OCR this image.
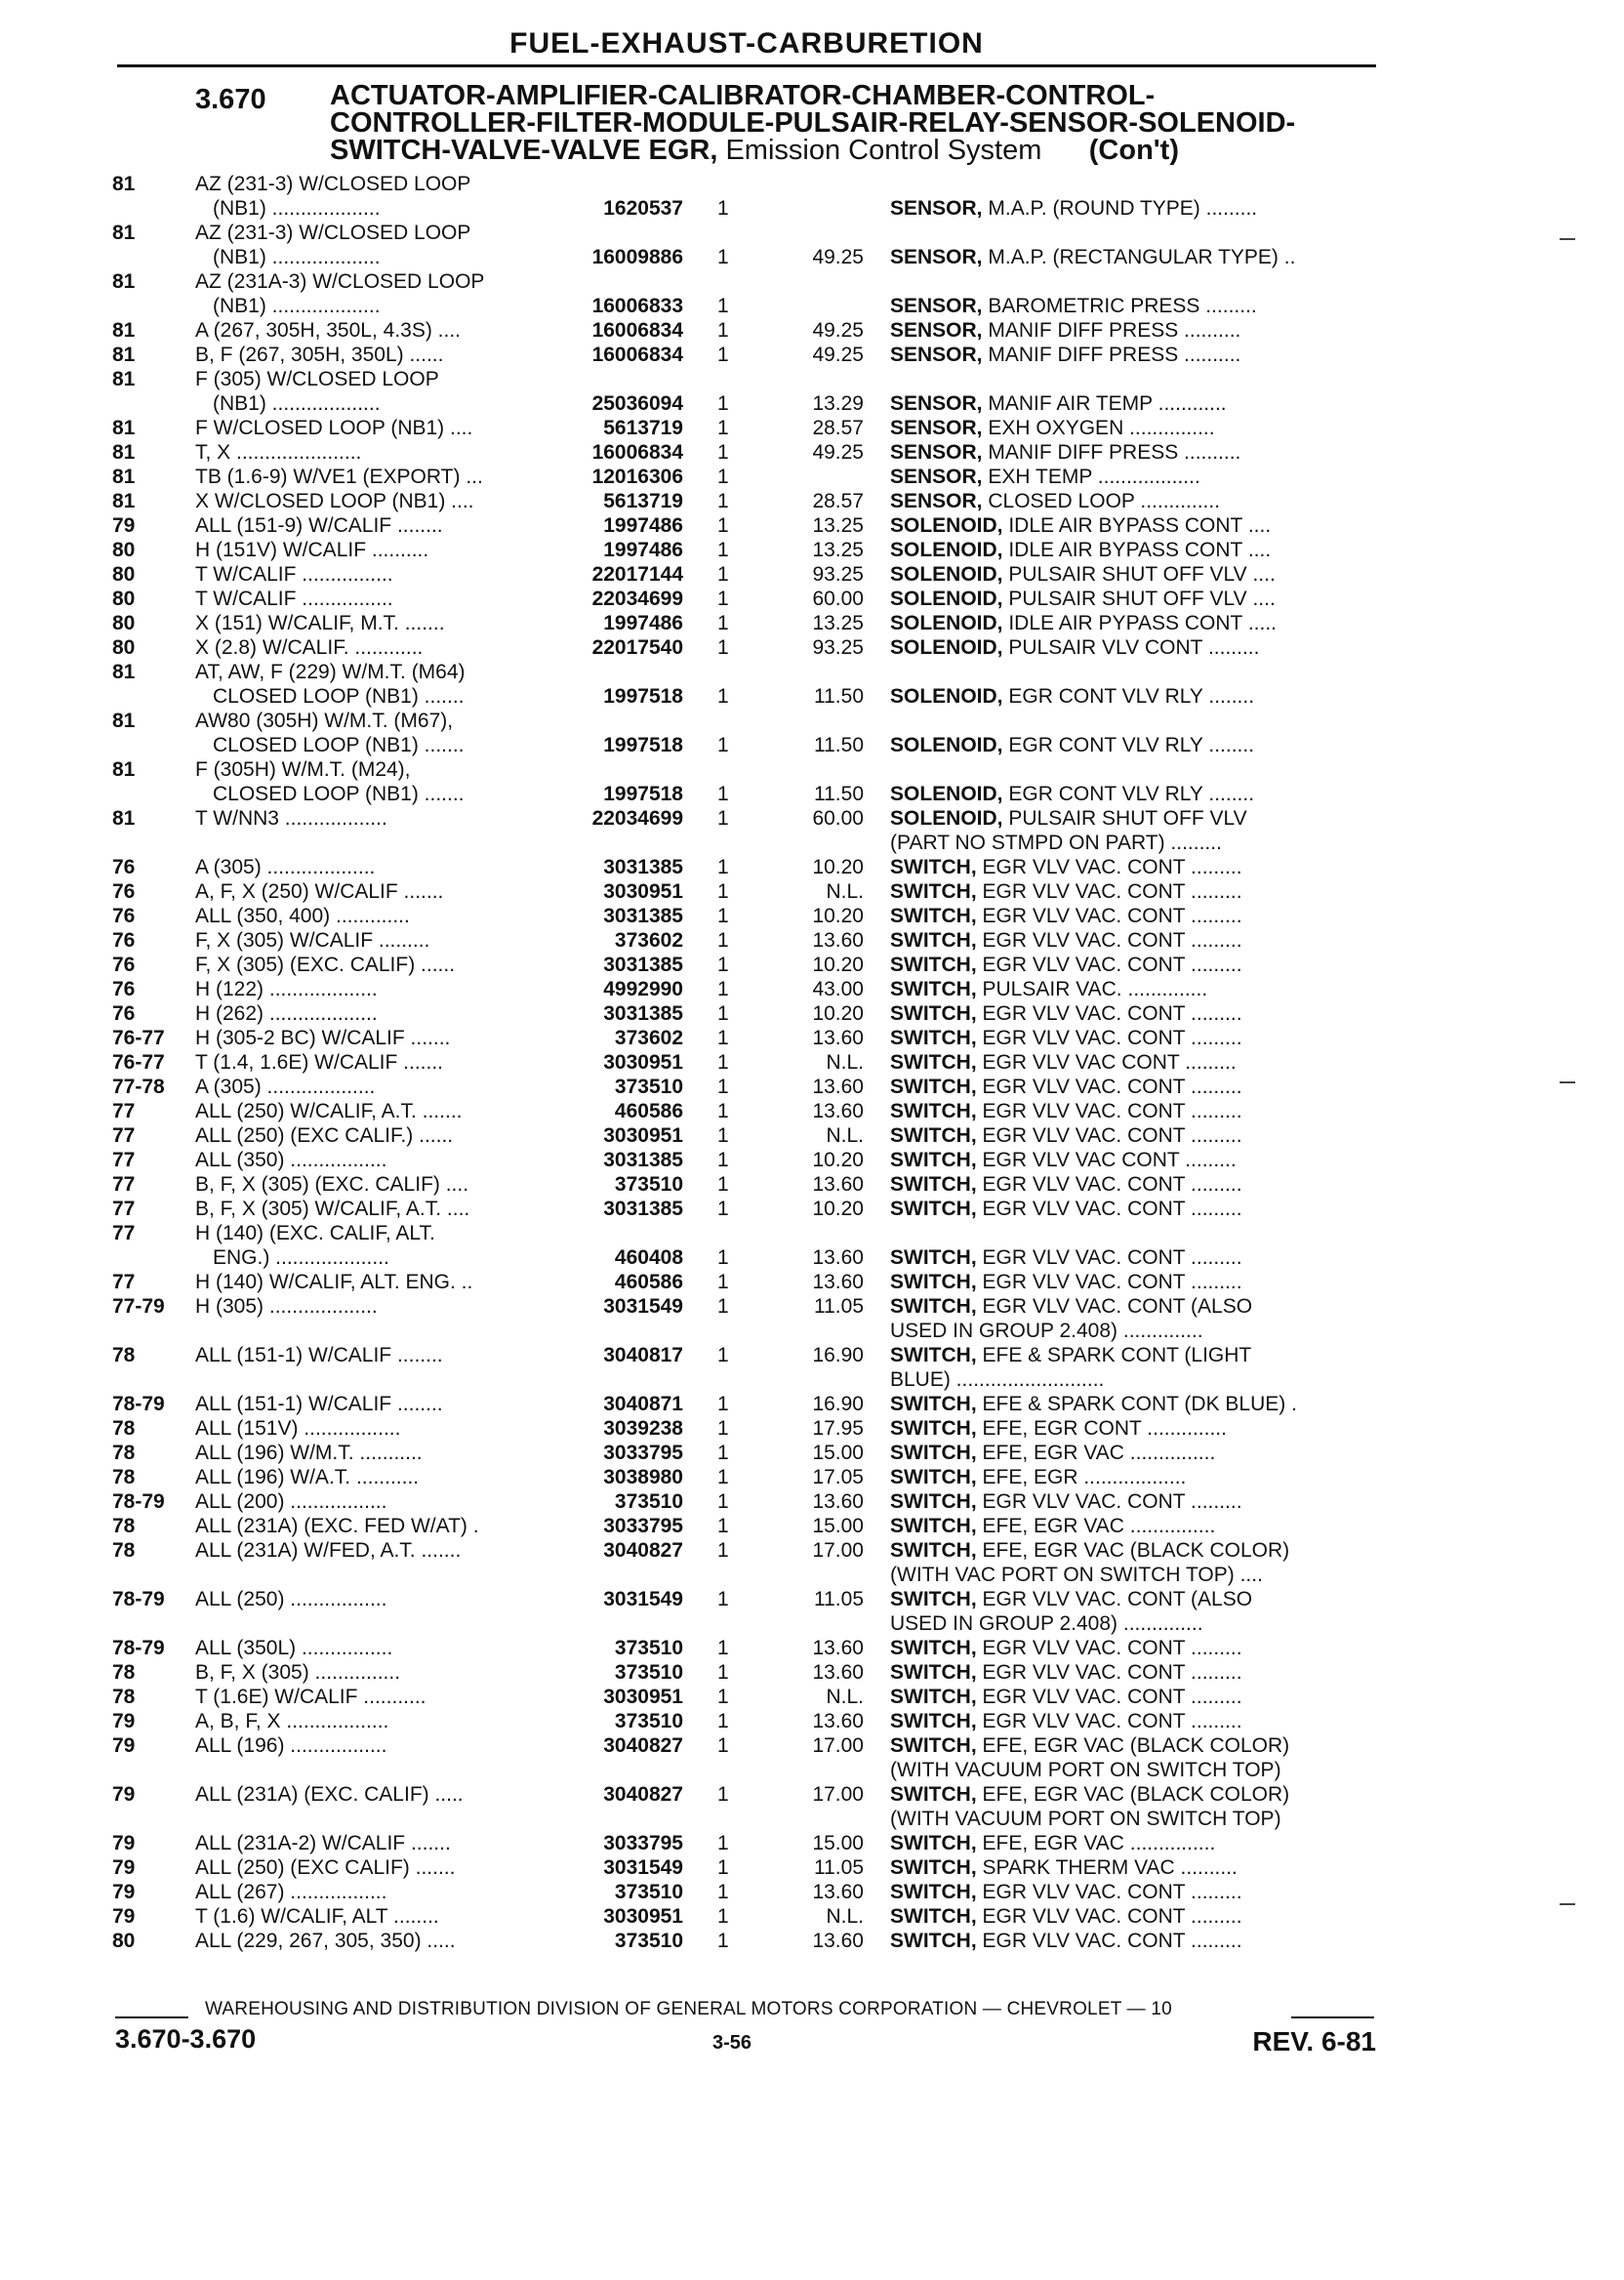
FUEL-EXHAUST-CARBURETION
3.670 ACTUATOR-AMPLIFIER-CALIBRATOR-CHAMBER-CONTROL-
CONTROLLER-FILTER-MODULE-PULSAIR-RELAY-SENSOR-SOLENOID-
SWITCH-VALVE-VALVE EGR, Emission Control System (Con't)
81	AZ (231-3) W/CLOSED LOOP
(NB1) ...................	1620537 1	SENSOR, M.A.P. (ROUND TYPE) .........
81	AZ (231-3) W/CLOSED LOOP
(NB1) ...................	16009886 1	49.25 SENSOR, M.A.P. (RECTANGULAR TYPE) ..
81	AZ (231A-3) W/CLOSED LOOP
(NB1) ...................	16006833 1	SENSOR, BAROMETRIC PRESS .........
81	A (267, 305H, 350L, 4.3S) ....	16006834 1	49.25 SENSOR, MANIF DIFF PRESS ..........
81	B, F (267, 305H, 350L) ......	16006834 1	49.25 SENSOR, MANIF DIFF PRESS ..........
81	F (305) W/CLOSED LOOP
(NB1) ...................	25036094 1	13.29 SENSOR, MANIF AIR TEMP ............
81	F W/CLOSED LOOP (NB1) ....	5613719 1	28.57 SENSOR, EXH OXYGEN ...............
81	T, X ......................	16006834 1	49.25 SENSOR, MANIF DIFF PRESS ..........
81	TB (1.6-9) W/VE1 (EXPORT) ...	12016306 1	SENSOR, EXH TEMP ..................
81	X W/CLOSED LOOP (NB1) ....	5613719 1	28.57 SENSOR, CLOSED LOOP ..............
79	ALL (151-9) W/CALIF ........	1997486 1	13.25 SOLENOID, IDLE AIR BYPASS CONT ....
80	H (151V) W/CALIF ..........	1997486 1	13.25 SOLENOID, IDLE AIR BYPASS CONT ....
80	T W/CALIF ................	22017144 1	93.25 SOLENOID, PULSAIR SHUT OFF VLV ....
80	T W/CALIF ................	22034699 1	60.00 SOLENOID, PULSAIR SHUT OFF VLV ....
80	X (151) W/CALIF, M.T. .......	1997486 1	13.25 SOLENOID, IDLE AIR PYPASS CONT .....
80	X (2.8) W/CALIF. ............	22017540 1	93.25 SOLENOID, PULSAIR VLV CONT .........
81	AT, AW, F (229) W/M.T. (M64)
CLOSED LOOP (NB1) .......	1997518 1	11.50 SOLENOID, EGR CONT VLV RLY ........
81	AW80 (305H) W/M.T. (M67),
CLOSED LOOP (NB1) .......	1997518 1	11.50 SOLENOID, EGR CONT VLV RLY ........
81	F (305H) W/M.T. (M24),
CLOSED LOOP (NB1) .......	1997518 1	11.50 SOLENOID, EGR CONT VLV RLY ........
81	T W/NN3 ..................	22034699 1	60.00 SOLENOID, PULSAIR SHUT OFF VLV
(PART NO STMPD ON PART) .........
76	A (305) ...................	3031385 1	10.20 SWITCH, EGR VLV VAC. CONT .........
76	A, F, X (250) W/CALIF .......	3030951 1	N.L. SWITCH, EGR VLV VAC. CONT .........
76	ALL (350, 400) .............	3031385 1	10.20 SWITCH, EGR VLV VAC. CONT .........
76	F, X (305) W/CALIF .........	373602 1	13.60 SWITCH, EGR VLV VAC. CONT .........
76	F, X (305) (EXC. CALIF) ......	3031385 1	10.20 SWITCH, EGR VLV VAC. CONT .........
76	H (122) ...................	4992990 1	43.00 SWITCH, PULSAIR VAC. ..............
76	H (262) ...................	3031385 1	10.20 SWITCH, EGR VLV VAC. CONT .........
76-77	H (305-2 BC) W/CALIF .......	373602 1	13.60 SWITCH, EGR VLV VAC. CONT .........
76-77	T (1.4, 1.6E) W/CALIF .......	3030951 1	N.L. SWITCH, EGR VLV VAC CONT .........
77-78	A (305) ...................	373510 1	13.60 SWITCH, EGR VLV VAC. CONT .........
77	ALL (250) W/CALIF, A.T. .......	460586 1	13.60 SWITCH, EGR VLV VAC. CONT .........
77	ALL (250) (EXC CALIF.) ......	3030951 1	N.L. SWITCH, EGR VLV VAC. CONT .........
77	ALL (350) .................	3031385 1	10.20 SWITCH, EGR VLV VAC CONT .........
77	B, F, X (305) (EXC. CALIF) ....	373510 1	13.60 SWITCH, EGR VLV VAC. CONT .........
77	B, F, X (305) W/CALIF, A.T. ....	3031385 1	10.20 SWITCH, EGR VLV VAC. CONT .........
77	H (140) (EXC. CALIF, ALT.
ENG.) ....................	460408 1	13.60 SWITCH, EGR VLV VAC. CONT .........
77	H (140) W/CALIF, ALT. ENG. ..	460586 1	13.60 SWITCH, EGR VLV VAC. CONT .........
77-79	H (305) ...................	3031549 1	11.05 SWITCH, EGR VLV VAC. CONT (ALSO
USED IN GROUP 2.408) ..............
78	ALL (151-1) W/CALIF ........	3040817 1	16.90 SWITCH, EFE & SPARK CONT (LIGHT
BLUE) ..........................
78-79	ALL (151-1) W/CALIF ........	3040871 1	16.90 SWITCH, EFE & SPARK CONT (DK BLUE) .
78	ALL (151V) .................	3039238 1	17.95 SWITCH, EFE, EGR CONT ..............
78	ALL (196) W/M.T. ...........	3033795 1	15.00 SWITCH, EFE, EGR VAC ...............
78	ALL (196) W/A.T. ...........	3038980 1	17.05 SWITCH, EFE, EGR ..................
78-79	ALL (200) .................	373510 1	13.60 SWITCH, EGR VLV VAC. CONT .........
78	ALL (231A) (EXC. FED W/AT) .	3033795 1	15.00 SWITCH, EFE, EGR VAC ...............
78	ALL (231A) W/FED, A.T. .......	3040827 1	17.00 SWITCH, EFE, EGR VAC (BLACK COLOR)
(WITH VAC PORT ON SWITCH TOP) ....
78-79	ALL (250) .................	3031549 1	11.05 SWITCH, EGR VLV VAC. CONT (ALSO
USED IN GROUP 2.408) ..............
78-79	ALL (350L) ................	373510 1	13.60 SWITCH, EGR VLV VAC. CONT .........
78	B, F, X (305) ...............	373510 1	13.60 SWITCH, EGR VLV VAC. CONT .........
78	T (1.6E) W/CALIF ...........	3030951 1	N.L. SWITCH, EGR VLV VAC. CONT .........
79	A, B, F, X ..................	373510 1	13.60 SWITCH, EGR VLV VAC. CONT .........
79	ALL (196) .................	3040827 1	17.00 SWITCH, EFE, EGR VAC (BLACK COLOR)
(WITH VACUUM PORT ON SWITCH TOP)
79	ALL (231A) (EXC. CALIF) .....	3040827 1	17.00 SWITCH, EFE, EGR VAC (BLACK COLOR)
(WITH VACUUM PORT ON SWITCH TOP)
79	ALL (231A-2) W/CALIF .......	3033795 1	15.00 SWITCH, EFE, EGR VAC ...............
79	ALL (250) (EXC CALIF) .......	3031549 1	11.05 SWITCH, SPARK THERM VAC ..........
79	ALL (267) .................	373510 1	13.60 SWITCH, EGR VLV VAC. CONT .........
79	T (1.6) W/CALIF, ALT ........	3030951 1	N.L. SWITCH, EGR VLV VAC. CONT .........
80	ALL (229, 267, 305, 350) .....	373510 1	13.60 SWITCH, EGR VLV VAC. CONT .........
WAREHOUSING AND DISTRIBUTION DIVISION OF GENERAL MOTORS CORPORATION — CHEVROLET — 10
3.670-3.670	3-56	REV. 6-81
